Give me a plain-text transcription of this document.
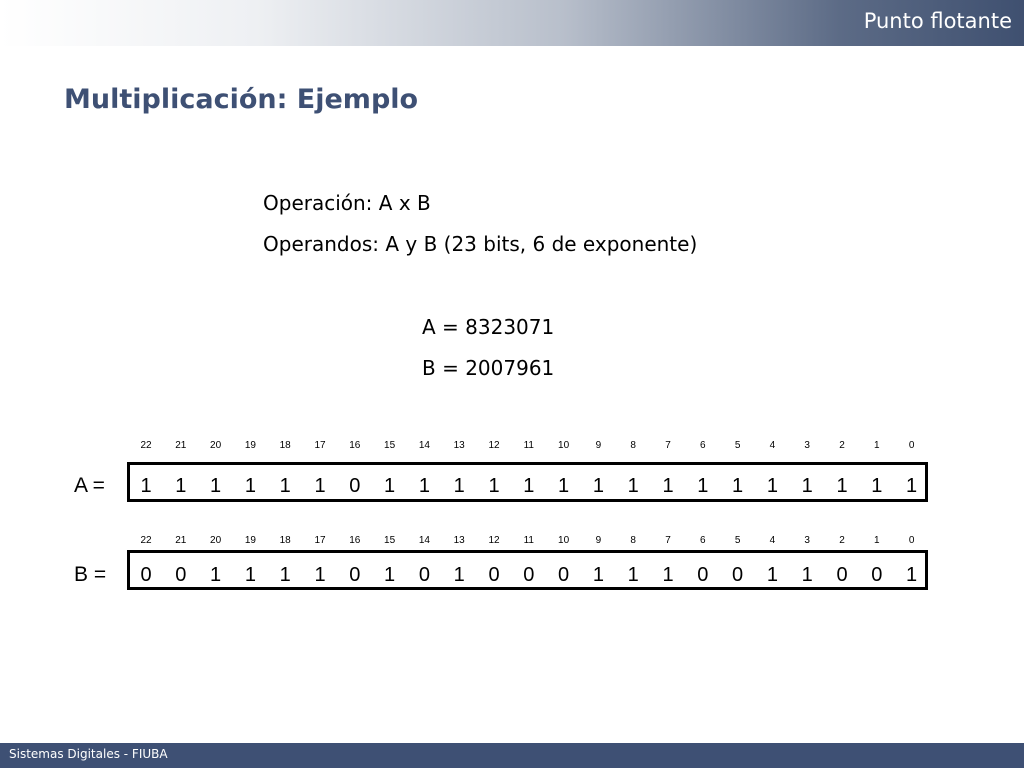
Punto flotante
Multiplicación: Ejemplo
Operación: A x B
Operandos: A y B (23 bits, 6 de exponente)
A = 8323071
B = 2007961
22	21	20	19	18	17	16	15	14	13	12	11	10	9	8	7	6	5	4	3	2	1	0
A =	1	1	1	1	1	1	0	1	1	1	1	1	1	1	1	1	1	1	1	1	1	1	1
22	21	20	19	18	17	16	15	14	13	12	11	10	9	8	7	6	5	4	3	2	1	0
B =	0	0	1	1	1	1	0	1	0	1	0	0	0	1	1	1	0	0	1	1	0	0	1
Sistemas Digitales - FIUBA
